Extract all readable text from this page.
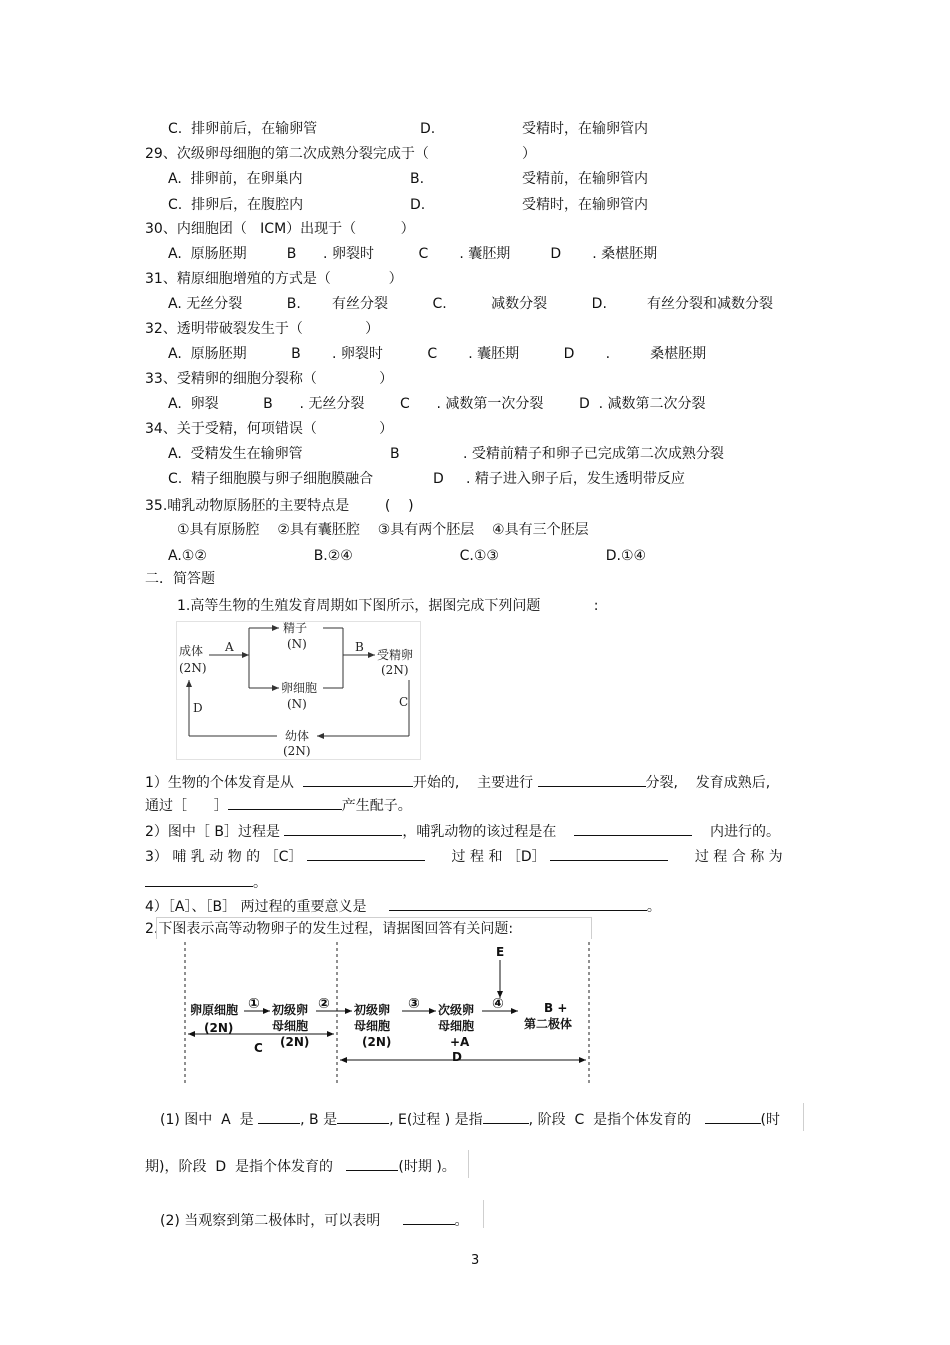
C.  排卵前后，在输卵管	D.	受精时，在输卵管内
29、次级卵母细胞的第二次成熟分裂完成于（	）
A.  排卵前，在卵巢内	B.	受精前，在输卵管内
C.  排卵后，在腹腔内	D.	受精时，在输卵管内
30、内细胞团（   ICM）出现于（          ）
A.  原肠胚期         B      . 卵裂时          C       . 囊胚期         D       . 桑椹胚期
31、精原细胞增殖的方式是（             ）
A. 无丝分裂          B.       有丝分裂          C.          减数分裂          D.         有丝分裂和减数分裂
32、透明带破裂发生于（              ）
A.  原肠胚期          B       . 卵裂时          C       . 囊胚期          D       .         桑椹胚期
33、受精卵的细胞分裂称（              ）
A.  卵裂          B      . 无丝分裂        C      . 减数第一次分裂        D  . 减数第二次分裂
34、关于受精，何项错误（              ）
A.  受精发生在输卵管	B	. 受精前精子和卵子已完成第二次成熟分裂
C.  精子细胞膜与卵子细胞膜融合	D     . 精子进入卵子后，发生透明带反应
35.哺乳动物原肠胚的主要特点是        (    )
①具有原肠腔    ②具有囊胚腔    ③具有两个胚层    ④具有三个胚层
A.①②                        B.②④                        C.①③                        D.①④
二．简答题
1.高等生物的生殖发育周期如下图所示，据图完成下列问题            :
成体
(2N)
A
精子
(N)
卵细胞
(N)
B
受精卵
(2N)
C
幼体
(2N)
D
1）生物的个体发育是从	开始的,    主要进行	分裂,    发育成熟后,
通过［      ］	产生配子。
2）图中［ B］过程是	，哺乳动物的该过程是在	内进行的。
3） 哺 乳 动 物 的 ［C］	过 程 和 ［D］	过 程 合 称 为
。
4）［A］、［B］ 两过程的重要意义是	。
2.下图表示高等动物卵子的发生过程，请据图回答有关问题:
E
卵原细胞
(2N)
① 初级卵
母细胞
(2N)
② 初级卵
母细胞
(2N)
③ 次级卵
母细胞
+A
④	B +
第二极体
D
C
(1) 图中  A  是	, B 是	, E(过程 ) 是指	, 阶段  C  是指个体发育的	(时
期)，阶段  D  是指个体发育的	(时期 )。
(2) 当观察到第二极体时，可以表明	。
3
